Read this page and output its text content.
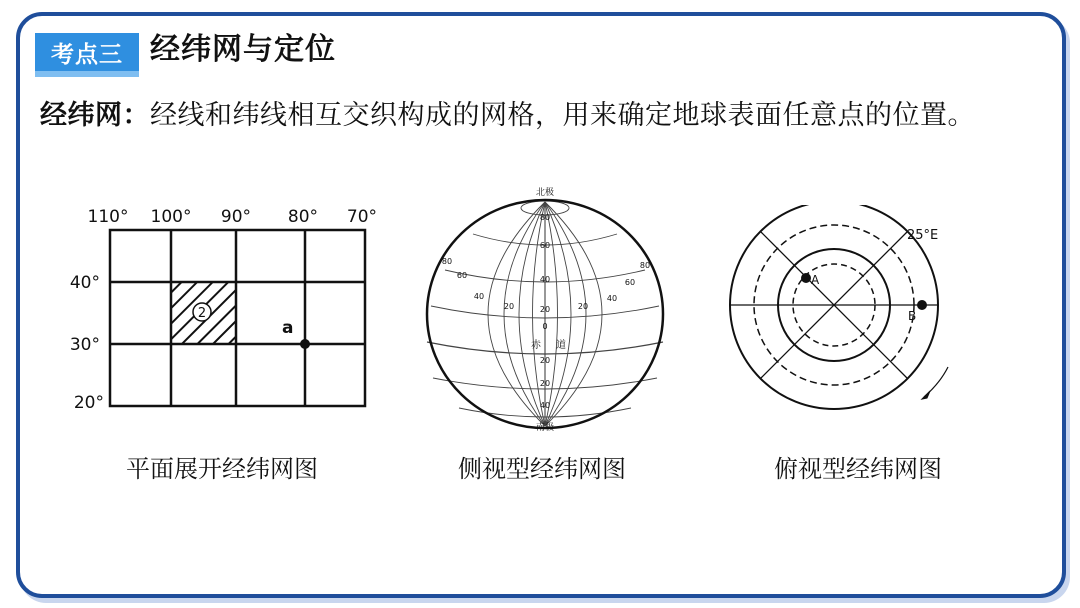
考点三 经纬网与定位
经纬网：经线和纬线相互交织构成的网格，用来确定地球表面任意点的位置。
2
a
110° 100° 90° 80° 70°
40°
30°
20°
北极
南极
赤 道
80
60
40
20
0
20
20
40
80
60
40
20
80
60
40
20
A
B
25°E
平面展开经纬网图	侧视型经纬网图	俯视型经纬网图
